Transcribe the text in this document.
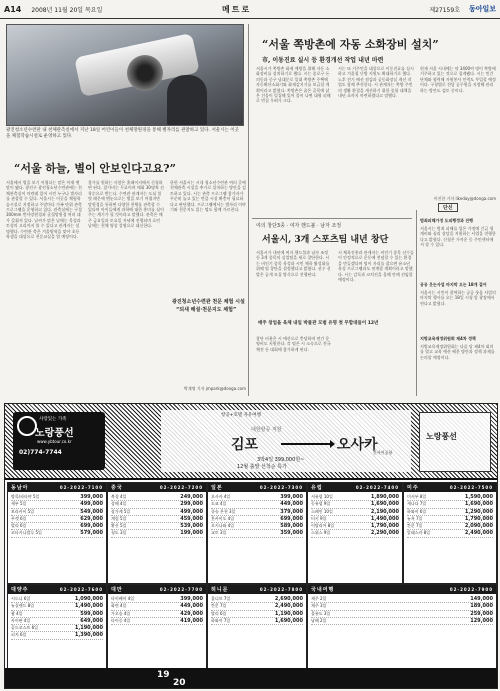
A14 2008년 11월 20일 목요일	메트로	제27159호 동아일보
광진청소년수련관 내 천체관측실에서 지난 18일 어린이들이 천체망원경을 통해 별자리를 관찰하고 있다. 서울시는 이곳을 체험학습시설로 운영하고 있다.
“서울 하늘, 별이 안보인다고요?”
서울에서 별을 보기 어렵다는 말은 이제 옛말이 됐다. 광진구 광진청소년수련관에는 천체관측실이 마련돼 있어 시민 누구나 별자리를 관찰할 수 있다. 서울시는 이곳을 체험학습시설로 지정하고 주말마다 가족 단위 관측 프로그램을 운영하고 있다. 관측실에는 구경 300mm 반사망원경과 굴절망원경 여러 대가 갖춰져 있다. 날씨가 맑은 날에는 목성과 토성의 고리까지 볼 수 있다고 관계자는 설명했다. 수련관 측은 겨울방학을 맞아 초등학생을 대상으로 천문교실을 열 예정이다.
참가를 원하는 사람은 홈페이지에서 신청하면 된다. 참가비는 무료이며 매회 30명씩 선착순으로 받는다. 수련관 관계자는 도심 불빛 때문에 맨눈으로는 별을 보기 어렵지만 망원경을 통하면 다양한 천체를 관측할 수 있다며 아이들에게 과학에 대한 흥미를 심어주는 계기가 될 것이라고 말했다. 관측은 매주 금요일과 토요일 저녁에 진행되며 흐린 날에는 천체 영상 상영으로 대신한다.
한편 서울시는 시내 청소년수련관 여러 곳에 천체관측 시설을 추가로 설치하는 방안을 검토하고 있다. 시는 관측 프로그램 참가자가 꾸준히 늘고 있는 만큼 시설 확충이 필요하다고 판단했다. 프로그램에서는 별자리 이야기와 천문지도 읽는 법도 함께 가르친다.
광진청소년수련관 천문 체험 시설
“되새 해설·천문지도 체험”
박재명 기자 jmpark@donga.com
“서울 쪽방촌에 자동 소화장비 설치”
市, 이동진료 실시 등 환경개선 작업 내년 마련
서울시가 쪽방촌 화재 예방을 위해 자동 소화장비를 설치하기로 했다. 시는 종로구 돈의동과 중구 남대문로 일대 쪽방촌 주택에 자동확산소화기와 화재감지기를 보급할 계획이라고 밝혔다. 쪽방촌은 좁은 골목에 낡은 건물이 밀집해 있어 불이 나면 대형 피해로 번질 우려가 크다.
시는 또 거주민을 대상으로 이동진료를 실시하고 겨울철 난방 지원도 확대하기로 했다. 노후 전기 배선 점검과 공동화장실 개선 작업도 함께 추진한다. 시 관계자는 쪽방 주민의 생활 환경을 개선하기 위한 종합 대책을 내년 초까지 마련하겠다고 말했다.
현재 서울 시내에는 약 3400여 명이 쪽방에 거주하고 있는 것으로 집계됐다. 시는 민간 단체와 협력해 자원봉사 인력도 투입할 예정이다. 구청별로 전담 공무원을 지정해 관리하는 방안도 검토 중이다.
이진한 기자 likeday@donga.com
여의 창단3종 · 여자 핸드볼 · 남자 조정
서울시, 3개 스포츠팀 내년 창단
서울시가 내년에 여자 핸드볼과 남자 조정 등 3개 종목의 실업팀을 새로 창단한다. 시는 비인기 종목 육성과 시민 체육 활성화를 위해 팀 창단을 결정했다고 밝혔다. 선수 선발은 공개 모집 방식으로 진행된다.
매주 창업을 육체 내일 박물관 모범 유명 첫 무합대들이 12년
창단 비용은 시 예산으로 충당하며 연간 운영비도 지원한다. 각 팀은 시 소속으로 전국체전 등 대회에 참가하게 된다.
시 체육진흥과 관계자는 비인기 종목 선수들이 안정적으로 운동에 전념할 수 있는 환경을 만들겠다며 팀이 자리를 잡으면 유소년 육성 프로그램과도 연계할 계획이라고 말했다. 시는 감독과 코치진을 올해 안에 선임할 예정이다.
단신
범죄피해가정 도피행정과 진행
서울시는 범죄 피해를 입은 가정에 긴급 생계비와 심리 상담을 지원하는 사업을 진행한다고 밝혔다. 신청은 가까운 동 주민센터에서 할 수 있다.
공공 웃는사업 마지막 오는 18개 걸어
서울시는 시민이 참여하는 공공 웃음 사업의 마지막 행사를 오는 18일 시청 앞 광장에서 연다고 밝혔다.
지방교육재정위원회 제4차 정책
지방교육재정위원회는 다음 달 제4차 회의를 열고 교육 예산 배분 방안과 정책 과제를 논의할 예정이다.
사랑있는 가족
노랑풍선
www.ybtour.co.kr
02)774-7744
항공+호텔 자유여행
대한항공 직항
김포	오사카
간사이공항
3박4일 399,000원~
12월 출발 선착순 특가
노랑풍선
동남아	02-2022-7100
방콕/파타야 5일	399,000
세부 5일	499,000
보라카이 5일	549,000
푸켓 6일	629,000
발리 6일	699,000
코타키나발루 5일	579,000
중국	02-2022-7200
북경 4일	249,000
상해 4일	299,000
장가계 5일	499,000
계림 5일	459,000
황산 5일	539,000
청도 3일	199,000
일본	02-2022-7300
오사카 4일	399,000
도쿄 4일	449,000
큐슈 온천 3일	379,000
홋카이도 4일	699,000
오키나와 4일	589,000
교토 3일	359,000
유럽	02-2022-7400
서유럽 10일	1,890,000
동유럽 9일	1,690,000
스페인 10일	2,190,000
터키 9일	1,490,000
이탈리아 8일	1,790,000
스위스 9일	2,290,000
미주	02-2022-7500
미서부 8일	1,590,000
캐나다 7일	1,690,000
하와이 6일	1,290,000
뉴욕 7일	1,790,000
칸쿤 7일	2,090,000
알래스카 8일	2,490,000
대양주	02-2022-7600
시드니 6일	1,090,000
뉴질랜드 8일	1,490,000
괌 4일	599,000
사이판 4일	649,000
골드코스트 6일	1,190,000
피지 6일	1,390,000
대만	02-2022-7700
타이베이 4일	399,000
화련 4일	449,000
가오슝 4일	429,000
타이중 4일	419,000
허니문	02-2022-7800
몰디브 7일	2,690,000
칸쿤 7일	2,490,000
발리 6일	1,190,000
하와이 7일	1,690,000
국내여행	02-2022-7900
제주 2일	149,000
제주 3일	189,000
울릉도 3일	259,000
남해 2일	129,000
19
20
